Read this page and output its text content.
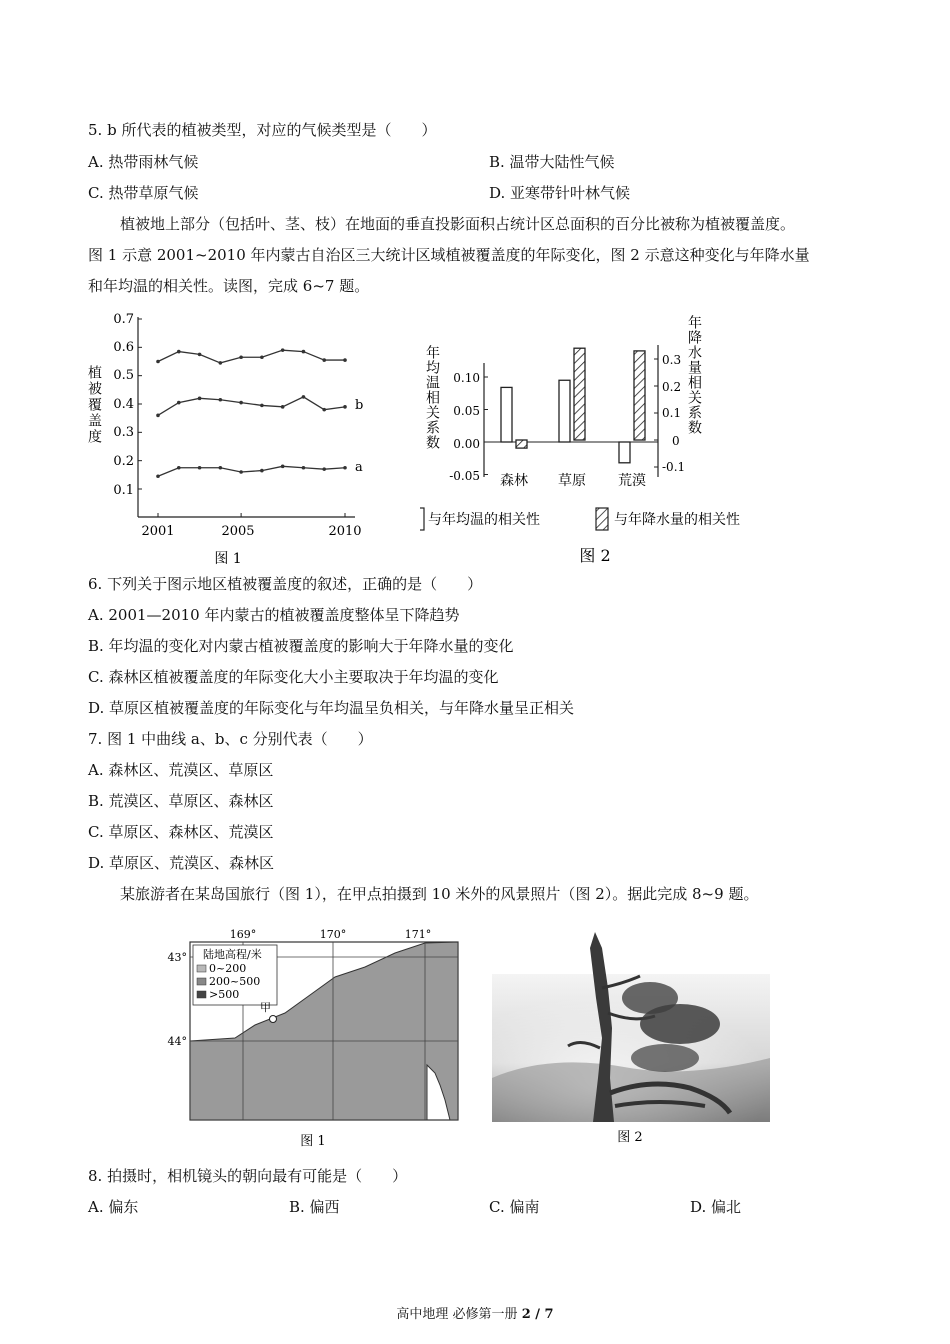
5. b 所代表的植被类型，对应的气候类型是（　　）
A. 热带雨林气候	B. 温带大陆性气候
C. 热带草原气候	D. 亚寒带针叶林气候
植被地上部分（包括叶、茎、枝）在地面的垂直投影面积占统计区总面积的百分比被称为植被覆盖度。
图 1 示意 2001~2010 年内蒙古自治区三大统计区域植被覆盖度的年际变化，图 2 示意这种变化与年降水量
和年均温的相关性。读图，完成 6~7 题。
植被覆盖度
0.7
0.6
0.5
0.4
0.3
0.2
0.1
2001	2005	2010
b
a
图 1
年均温相关系数 0.10
0.05
0.00
-0.05
年降水量相关系数
0.3
0.2
0.1
0
-0.1
森林 草原 荒漠
与年均温的相关性	与年降水量的相关性
图 2
6. 下列关于图示地区植被覆盖度的叙述，正确的是（　　）
A. 2001—2010 年内蒙古的植被覆盖度整体呈下降趋势
B. 年均温的变化对内蒙古植被覆盖度的影响大于年降水量的变化
C. 森林区植被覆盖度的年际变化大小主要取决于年均温的变化
D. 草原区植被覆盖度的年际变化与年均温呈负相关，与年降水量呈正相关
7. 图 1 中曲线 a、b、c 分别代表（　　）
A. 森林区、荒漠区、草原区
B. 荒漠区、草原区、森林区
C. 草原区、森林区、荒漠区
D. 草原区、荒漠区、森林区
某旅游者在某岛国旅行（图 1），在甲点拍摄到 10 米外的风景照片（图 2）。据此完成 8~9 题。
169°	170°	171°
43°
44°
陆地高程/米
0~200
200~500
>500
甲
图 1	图 2
8. 拍摄时，相机镜头的朝向最有可能是（　　）
A. 偏东	B. 偏西	C. 偏南	D. 偏北
高中地理 必修第一册 2 / 7
